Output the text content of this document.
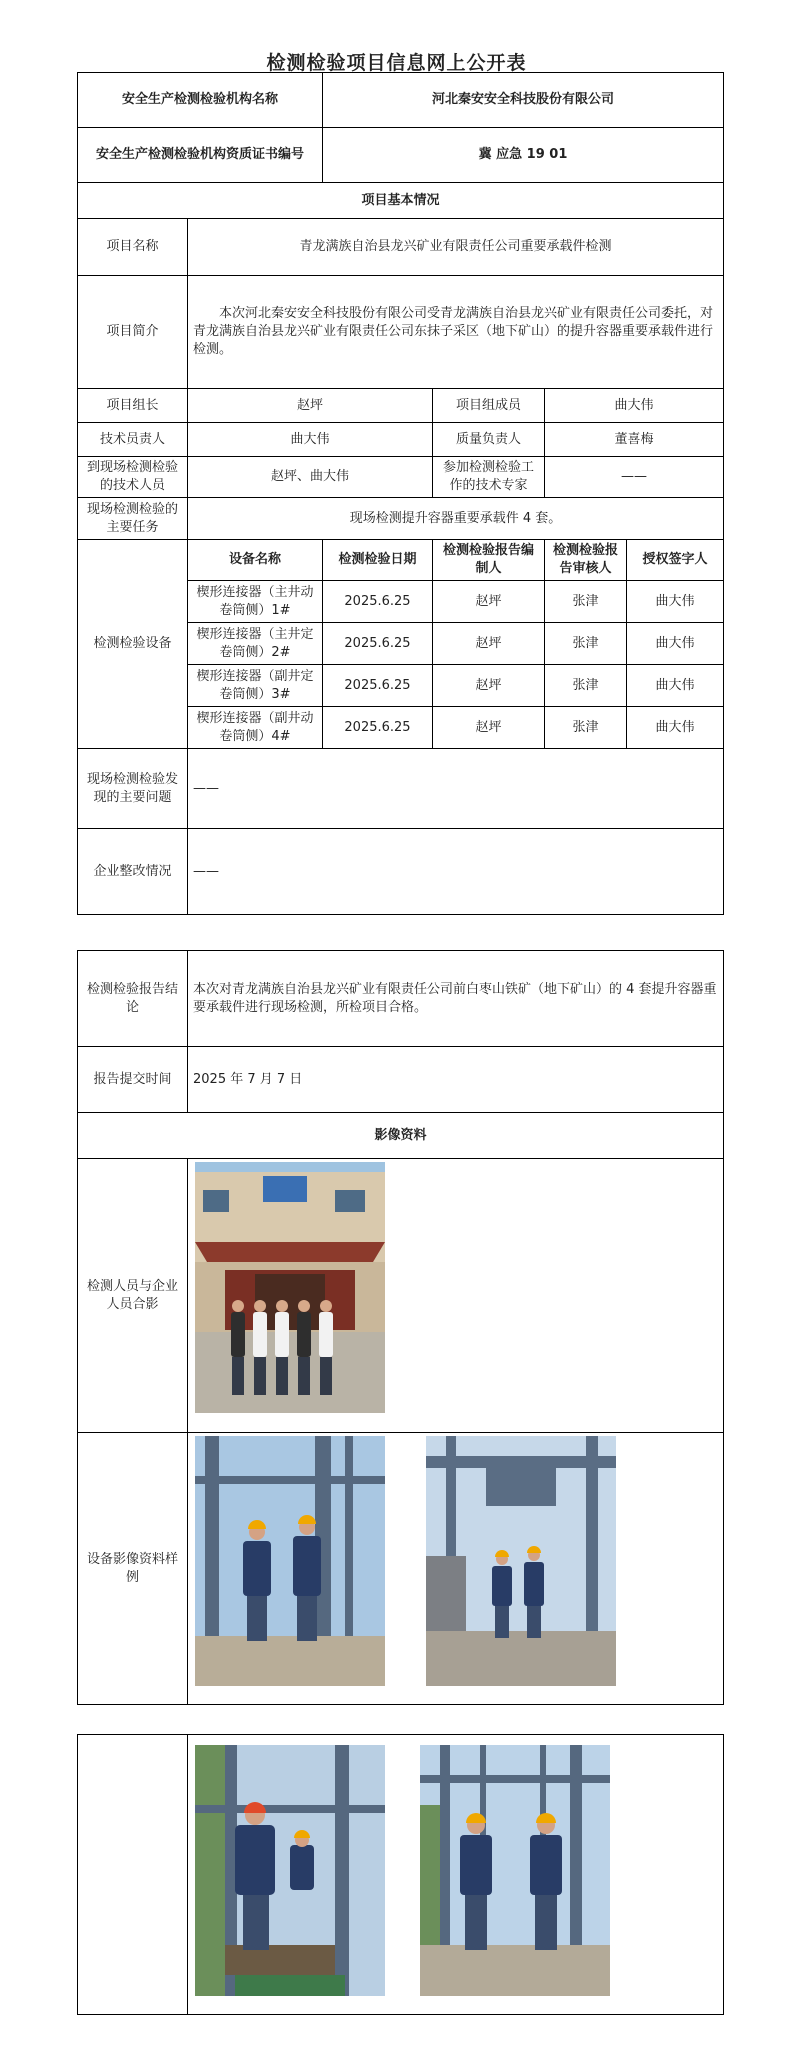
检测检验项目信息网上公开表
安全生产检测检验机构名称		河北秦安安全科技股份有限公司			
安全生产检测检验机构资质证书编号		冀 应急 19 01			
项目基本情况					
项目名称	青龙满族自治县龙兴矿业有限责任公司重要承载件检测				
项目简介	本次河北秦安安全科技股份有限公司受青龙满族自治县龙兴矿业有限责任公司委托，对青龙满族自治县龙兴矿业有限责任公司东抹子采区（地下矿山）的提升容器重要承载件进行检测。				
项目组长	赵坪		项目组成员	曲大伟	
技术员责人	曲大伟		质量负责人	董喜梅	
到现场检测检验的技术人员	赵坪、曲大伟		参加检测检验工作的技术专家	——	
现场检测检验的主要任务	现场检测提升容器重要承载件 4 套。				
检测检验设备	设备名称	检测检验日期	检测检验报告编制人	检测检验报告审核人	授权签字人
	楔形连接器（主井动卷筒侧）1#	2025.6.25	赵坪	张津	曲大伟
	楔形连接器（主井定卷筒侧）2#	2025.6.25	赵坪	张津	曲大伟
	楔形连接器（副井定卷筒侧）3#	2025.6.25	赵坪	张津	曲大伟
	楔形连接器（副井动卷筒侧）4#	2025.6.25	赵坪	张津	曲大伟
现场检测检验发现的主要问题	——				
企业整改情况	——				
检测检验报告结论	本次对青龙满族自治县龙兴矿业有限责任公司前白枣山铁矿（地下矿山）的 4 套提升容器重要承载件进行现场检测，所检项目合格。
报告提交时间	2025 年 7 月 7 日
影像资料	
检测人员与企业人员合影	
设备影像资料样例	
